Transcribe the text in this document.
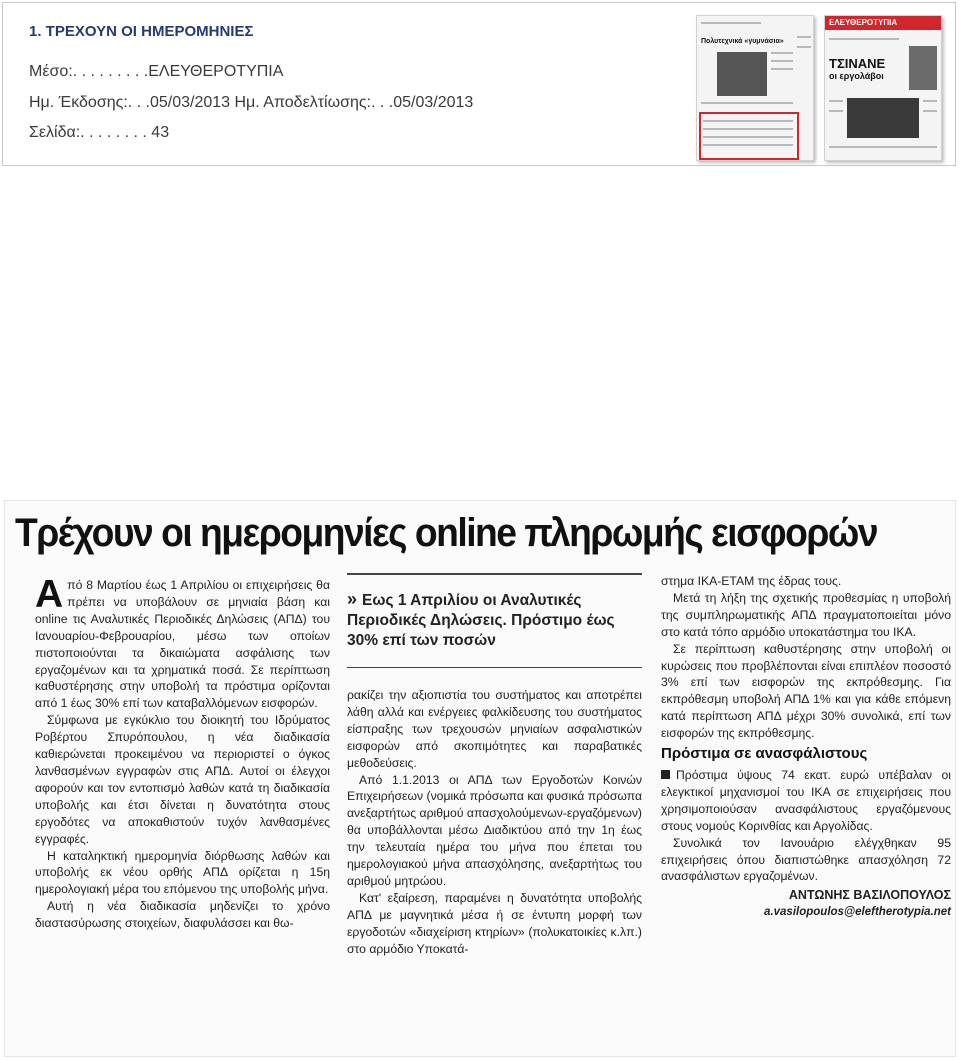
1. ΤΡΕΧΟΥΝ ΟΙ ΗΜΕΡΟΜΗΝΙΕΣ
Μέσο:. . . . . . . . .ΕΛΕΥΘΕΡΟΤΥΠΙΑ
Ημ. Έκδοσης:. . .05/03/2013 Ημ. Αποδελτίωσης:. . .05/03/2013
Σελίδα:. . . . . . . . 43
Πολυτεχνικά «γυμνάσια»
ΕΛΕΥΘΕΡΟΤΥΠΙΑ
ΤΣΙΝΑΝΕ
οι εργολάβοι
Τρέχουν οι ημερομηνίες online πληρωμής εισφορών

Από 8 Μαρτίου έως 1 Απριλίου οι επιχειρήσεις θα πρέπει να υποβάλουν σε μηνιαία βάση και online τις Αναλυτικές Περιοδικές Δηλώσεις (ΑΠΔ) του Ιανουαρίου-Φεβρουαρίου, μέσω των οποίων πιστοποιούνται τα δικαιώματα ασφάλισης των εργαζομένων και τα χρηματικά ποσά. Σε περίπτωση καθυστέρησης στην υποβολή τα πρόστιμα ορίζονται από 1 έως 30% επί των καταβαλλόμενων εισφορών.

Σύμφωνα με εγκύκλιο του διοικητή του Ιδρύματος Ροβέρτου Σπυρόπουλου, η νέα διαδικασία καθιερώνεται προκειμένου να περιοριστεί ο όγκος λανθασμένων εγγραφών στις ΑΠΔ. Αυτοί οι έλεγχοι αφορούν και τον εντοπισμό λαθών κατά τη διαδικασία υποβολής και έτσι δίνεται η δυνατότητα στους εργοδότες να αποκαθιστούν τυχόν λανθασμένες εγγραφές.

Η καταληκτική ημερομηνία διόρθωσης λαθών και υποβολής εκ νέου ορθής ΑΠΔ ορίζεται η 15η ημερολογιακή μέρα του επόμενου της υποβολής μήνα.

Αυτή η νέα διαδικασία μηδενίζει το χρόνο διαστασύρωσης στοιχείων, διαφυλάσσει και θω-

» Εως 1 Απριλίου οι Αναλυτικές Περιοδικές Δηλώσεις. Πρόστιμο έως 30% επί των ποσών

ρακίζει την αξιοπιστία του συστήματος και αποτρέπει λάθη αλλά και ενέργειες φαλκίδευσης του συστήματος είσπραξης των τρεχουσών μηνιαίων ασφαλιστικών εισφορών από σκοπιμότητες και παραβατικές μεθοδεύσεις.

Από 1.1.2013 οι ΑΠΔ των Εργοδοτών Κοινών Επιχειρήσεων (νομικά πρόσωπα και φυσικά πρόσωπα ανεξαρτήτως αριθμού απασχολούμενων-εργαζόμενων) θα υποβάλλονται μέσω Διαδικτύου από την 1η έως την τελευταία ημέρα του μήνα που έπεται του ημερολογιακού μήνα απασχόλησης, ανεξαρτήτως του αριθμού μητρώου.

Κατ' εξαίρεση, παραμένει η δυνατότητα υποβολής ΑΠΔ με μαγνητικά μέσα ή σε έντυπη μορφή των εργοδοτών «διαχείριση κτηρίων» (πολυκατοικίες κ.λπ.) στο αρμόδιο Υποκατά-

στημα ΙΚΑ-ΕΤΑΜ της έδρας τους.

Μετά τη λήξη της σχετικής προθεσμίας η υποβολή της συμπληρωματικής ΑΠΔ πραγματοποιείται μόνο στο κατά τόπο αρμόδιο υποκατάστημα του ΙΚΑ.

Σε περίπτωση καθυστέρησης στην υποβολή οι κυρώσεις που προβλέπονται είναι επιπλέον ποσοστό 3% επί των εισφορών της εκπρόθεσμης. Για εκπρόθεσμη υποβολή ΑΠΔ 1% και για κάθε επόμενη κατά περίπτωση ΑΠΔ μέχρι 30% συνολικά, επί των εισφορών της εκπρόθεσμης.

Πρόστιμα σε ανασφάλιστους

Πρόστιμα ύψους 74 εκατ. ευρώ υπέβαλαν οι ελεγκτικοί μηχανισμοί του ΙΚΑ σε επιχειρήσεις που χρησιμοποιούσαν ανασφάλιστους εργαζόμενους στους νομούς Κορινθίας και Αργολίδας.

Συνολικά τον Ιανουάριο ελέγχθηκαν 95 επιχειρήσεις όπου διαπιστώθηκε απασχόληση 72 ανασφάλιστων εργαζομένων.

ΑΝΤΩΝΗΣ ΒΑΣΙΛΟΠΟΥΛΟΣ
a.vasilopoulos@eleftherotypia.net
